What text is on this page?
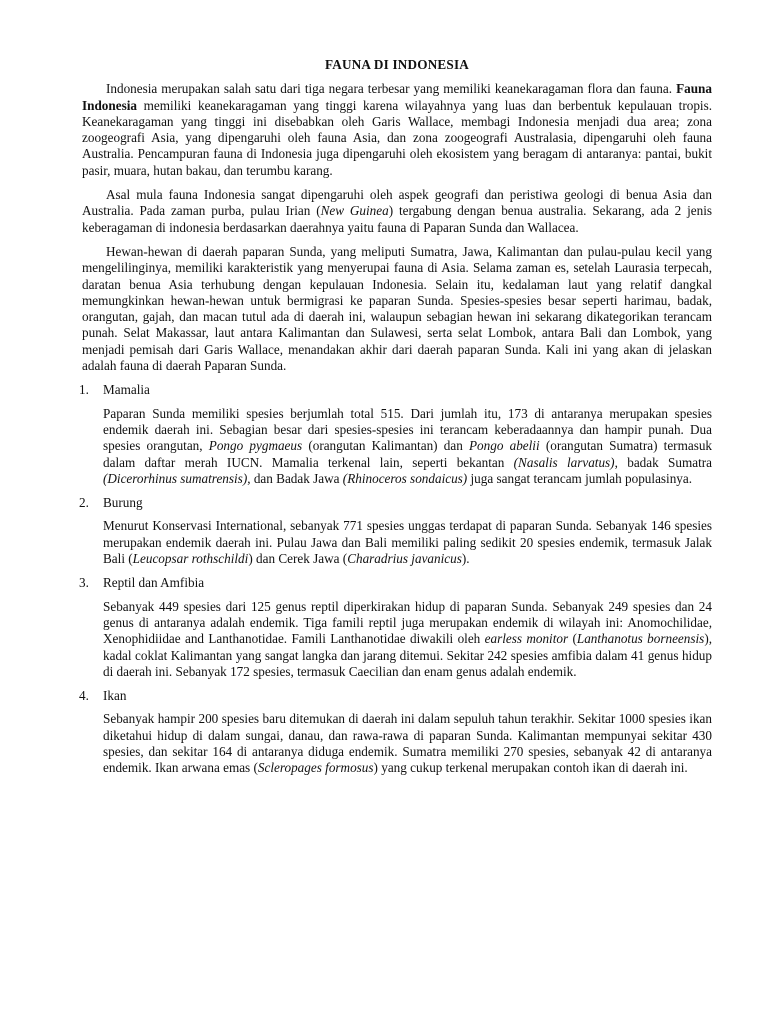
FAUNA DI INDONESIA

Indonesia merupakan salah satu dari tiga negara terbesar yang memiliki keanekaragaman flora dan fauna. Fauna Indonesia memiliki keanekaragaman yang tinggi karena wilayahnya yang luas dan berbentuk kepulauan tropis. Keanekaragaman yang tinggi ini disebabkan oleh Garis Wallace, membagi Indonesia menjadi dua area; zona zoogeografi Asia, yang dipengaruhi oleh fauna Asia, dan zona zoogeografi Australasia, dipengaruhi oleh fauna Australia. Pencampuran fauna di Indonesia juga dipengaruhi oleh ekosistem yang beragam di antaranya: pantai, bukit pasir, muara, hutan bakau, dan terumbu karang.

Asal mula fauna Indonesia sangat dipengaruhi oleh aspek geografi dan peristiwa geologi di benua Asia dan Australia. Pada zaman purba, pulau Irian (New Guinea) tergabung dengan benua australia. Sekarang, ada 2 jenis keberagaman di indonesia berdasarkan daerahnya yaitu fauna di Paparan Sunda dan Wallacea.

Hewan-hewan di daerah paparan Sunda, yang meliputi Sumatra, Jawa, Kalimantan dan pulau-pulau kecil yang mengelilinginya, memiliki karakteristik yang menyerupai fauna di Asia. Selama zaman es, setelah Laurasia terpecah, daratan benua Asia terhubung dengan kepulauan Indonesia. Selain itu, kedalaman laut yang relatif dangkal memungkinkan hewan-hewan untuk bermigrasi ke paparan Sunda. Spesies-spesies besar seperti harimau, badak, orangutan, gajah, dan macan tutul ada di daerah ini, walaupun sebagian hewan ini sekarang dikategorikan terancam punah. Selat Makassar, laut antara Kalimantan dan Sulawesi, serta selat Lombok, antara Bali dan Lombok, yang menjadi pemisah dari Garis Wallace, menandakan akhir dari daerah paparan Sunda. Kali ini yang akan di jelaskan adalah fauna di daerah Paparan Sunda.

1. Mamalia

Paparan Sunda memiliki spesies berjumlah total 515. Dari jumlah itu, 173 di antaranya merupakan spesies endemik daerah ini. Sebagian besar dari spesies-spesies ini terancam keberadaannya dan hampir punah. Dua spesies orangutan, Pongo pygmaeus (orangutan Kalimantan) dan Pongo abelii (orangutan Sumatra) termasuk dalam daftar merah IUCN. Mamalia terkenal lain, seperti bekantan (Nasalis larvatus), badak Sumatra (Dicerorhinus sumatrensis), dan Badak Jawa (Rhinoceros sondaicus) juga sangat terancam jumlah populasinya.

2. Burung

Menurut Konservasi International, sebanyak 771 spesies unggas terdapat di paparan Sunda. Sebanyak 146 spesies merupakan endemik daerah ini. Pulau Jawa dan Bali memiliki paling sedikit 20 spesies endemik, termasuk Jalak Bali (Leucopsar rothschildi) dan Cerek Jawa (Charadrius javanicus).

3. Reptil dan Amfibia

Sebanyak 449 spesies dari 125 genus reptil diperkirakan hidup di paparan Sunda. Sebanyak 249 spesies dan 24 genus di antaranya adalah endemik. Tiga famili reptil juga merupakan endemik di wilayah ini: Anomochilidae, Xenophidiidae and Lanthanotidae. Famili Lanthanotidae diwakili oleh earless monitor (Lanthanotus borneensis), kadal coklat Kalimantan yang sangat langka dan jarang ditemui. Sekitar 242 spesies amfibia dalam 41 genus hidup di daerah ini. Sebanyak 172 spesies, termasuk Caecilian dan enam genus adalah endemik.

4. Ikan

Sebanyak hampir 200 spesies baru ditemukan di daerah ini dalam sepuluh tahun terakhir. Sekitar 1000 spesies ikan diketahui hidup di dalam sungai, danau, dan rawa-rawa di paparan Sunda. Kalimantan mempunyai sekitar 430 spesies, dan sekitar 164 di antaranya diduga endemik. Sumatra memiliki 270 spesies, sebanyak 42 di antaranya endemik. Ikan arwana emas (Scleropages formosus) yang cukup terkenal merupakan contoh ikan di daerah ini.
